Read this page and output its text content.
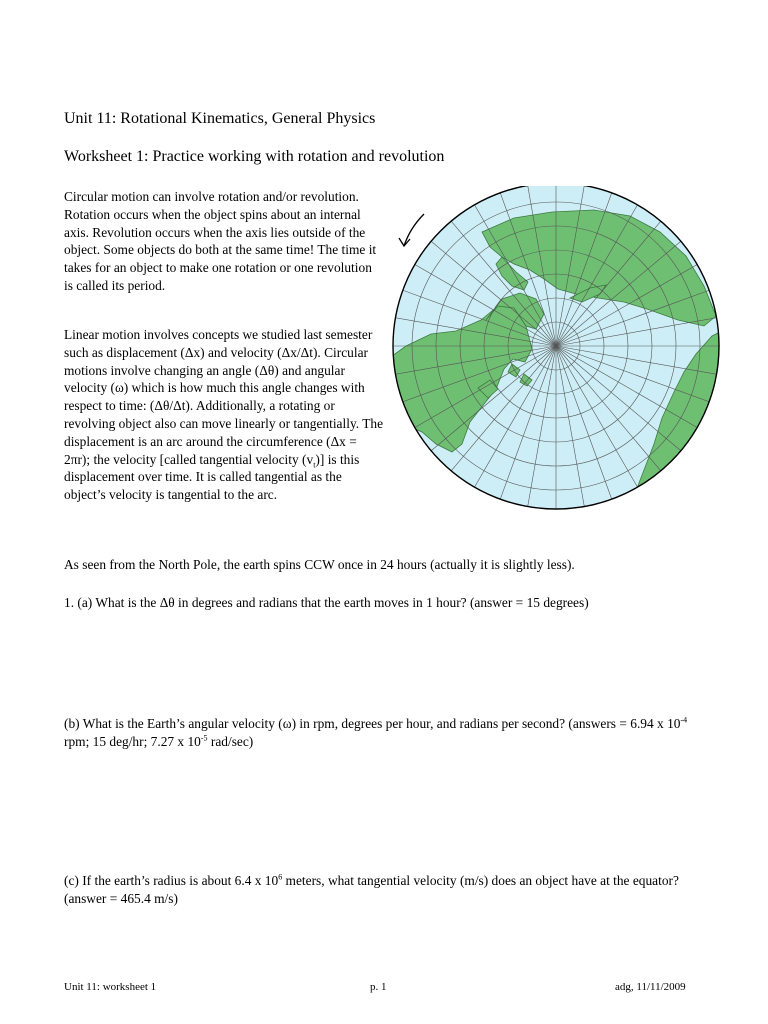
Unit 11: Rotational Kinematics, General Physics
Worksheet 1: Practice working with rotation and revolution
Circular motion can involve rotation and/or revolution. Rotation occurs when the object spins about an internal axis. Revolution occurs when the axis lies outside of the object. Some objects do both at the same time! The time it takes for an object to make one rotation or one revolution is called its period.
Linear motion involves concepts we studied last semester such as displacement (Δx) and velocity (Δx/Δt). Circular motions involve changing an angle (Δθ) and angular velocity (ω) which is how much this angle changes with respect to time: (Δθ/Δt). Additionally, a rotating or revolving object also can move linearly or tangentially. The displacement is an arc around the circumference (Δx = 2πr); the velocity [called tangential velocity $(v_t)$] is this displacement over time. It is called tangential as the object’s velocity is tangential to the arc.
As seen from the North Pole, the earth spins CCW once in 24 hours (actually it is slightly less).
1. (a) What is the Δθ in degrees and radians that the earth moves in 1 hour? (answer = 15 degrees)
(b) What is the Earth’s angular velocity (ω) in rpm, degrees per hour, and radians per second? (answers = 6.94 x $10^{-4}$ rpm; 15 deg/hr; 7.27 x $10^{-5}$ rad/sec)
(c) If the earth’s radius is about 6.4 x $10^6$ meters, what tangential velocity (m/s) does an object have at the equator? (answer = 465.4 m/s)
Unit 11: worksheet 1	p. 1	adg, 11/11/2009
